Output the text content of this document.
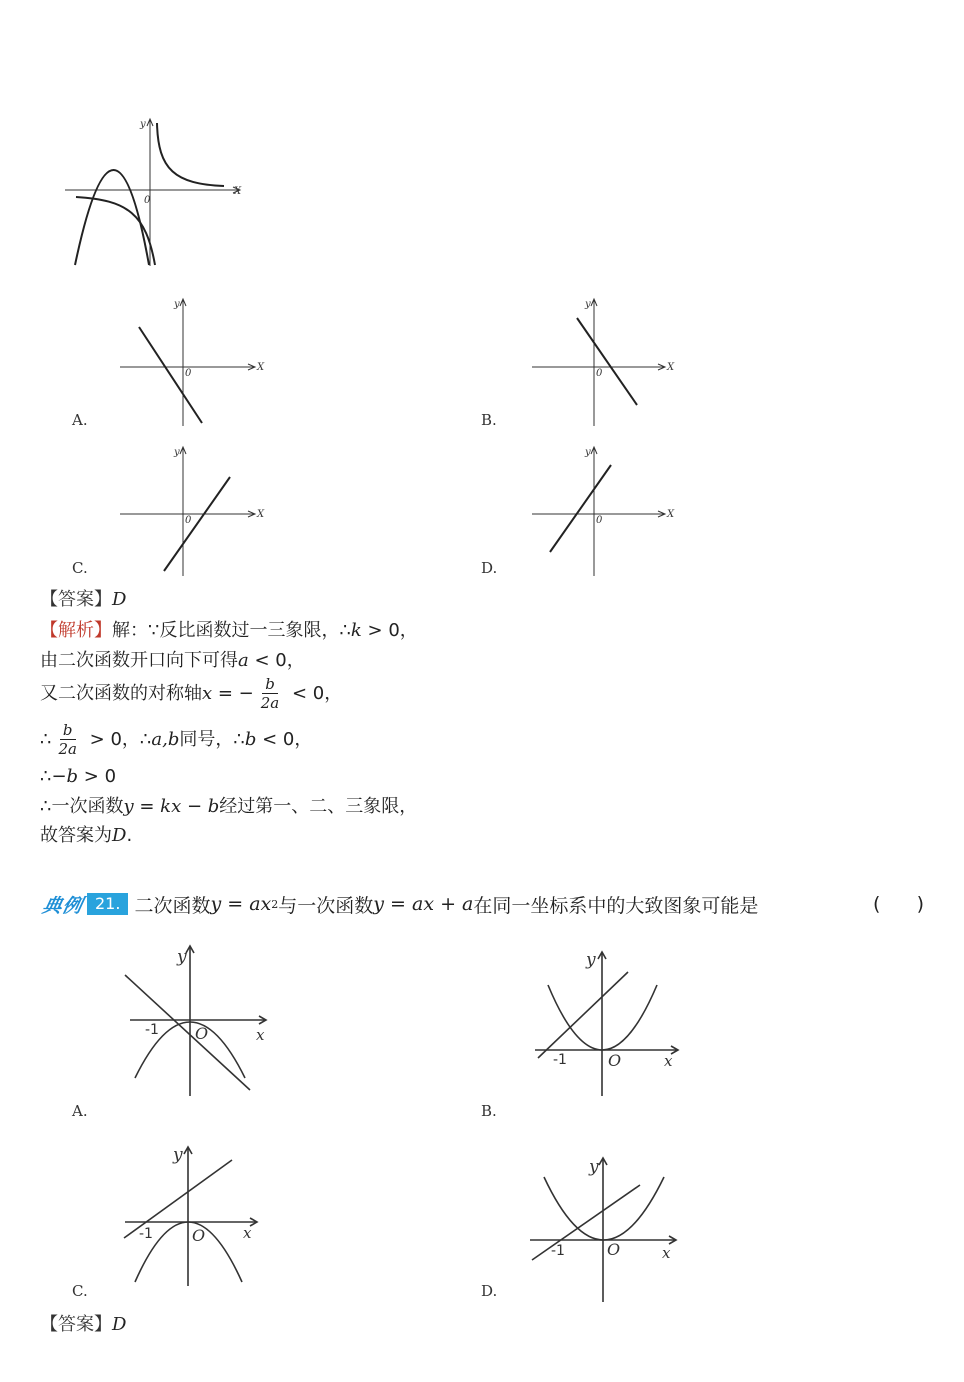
y
X
0
y
X
0
y
X
0
y
X
0
y
X
0
y
x
-1 O
y
x
-1	O
y
x
-1 O
y
x
-1	O
A.	B.
C.	D.
【答案】 D
【解析】 解：∵反比函数过一三象限，∴ k > 0，
由二次函数开口向下可得 a < 0，
又二次函数的对称轴 x = − $\frac{b}{2a} < 0$，
∴ $\frac{b}{2a} > 0$，∴ a , b 同号，∴ b < 0，
∴− b > 0
∴一次函数 y = kx − b 经过第一、二、三象限，
故答案为 D .
典例 21. 二次函数 y = ax 2 与一次函数 y = ax + a 在同一坐标系中的大致图象可能是	(      )
A.	B.
C.	D.
【答案】 D
